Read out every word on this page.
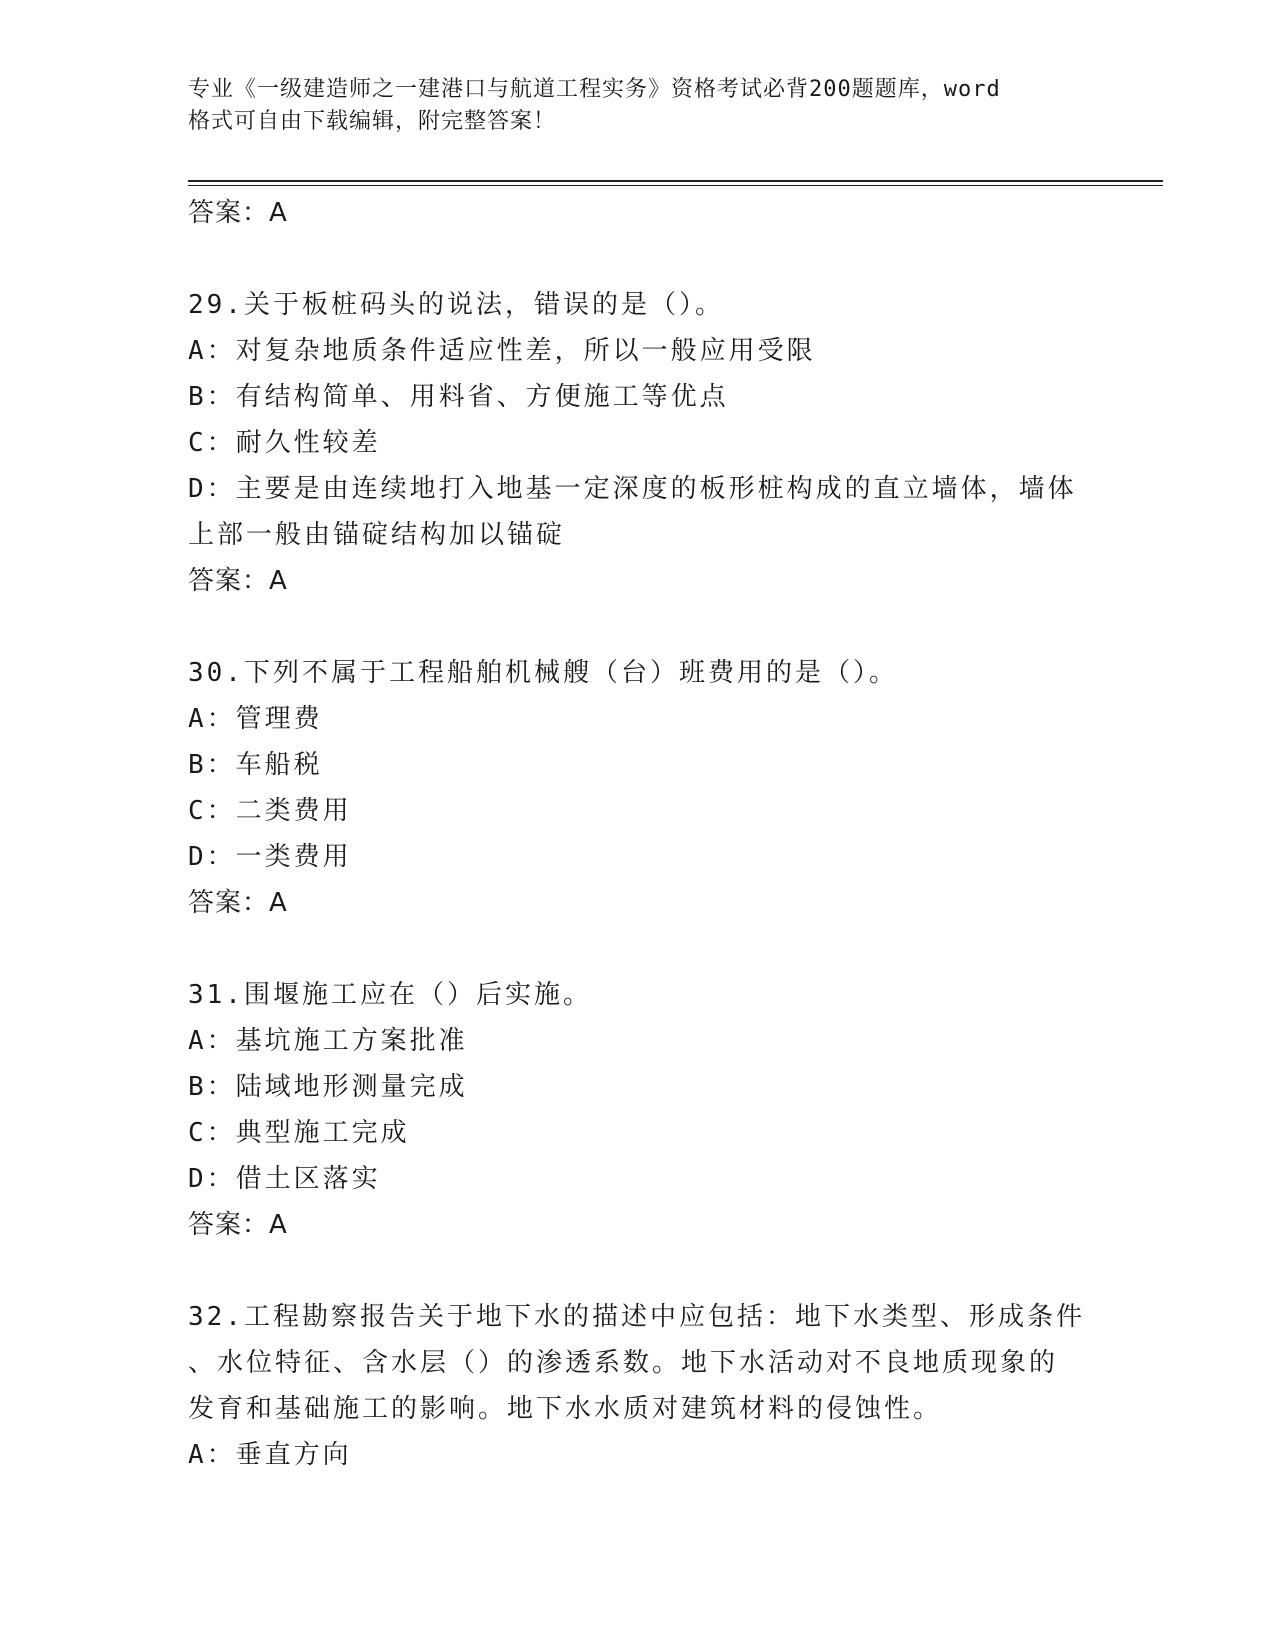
专业《一级建造师之一建港口与航道工程实务》资格考试必背200题题库，word
格式可自由下载编辑，附完整答案！
答案：A
29.关于板桩码头的说法，错误的是（）。
A：对复杂地质条件适应性差，所以一般应用受限
B：有结构简单、用料省、方便施工等优点
C：耐久性较差
D：主要是由连续地打入地基一定深度的板形桩构成的直立墙体，墙体
上部一般由锚碇结构加以锚碇
答案：A
30.下列不属于工程船舶机械艘（台）班费用的是（）。
A：管理费
B：车船税
C：二类费用
D：一类费用
答案：A
31.围堰施工应在（）后实施。
A：基坑施工方案批准
B：陆域地形测量完成
C：典型施工完成
D：借土区落实
答案：A
32.工程勘察报告关于地下水的描述中应包括：地下水类型、形成条件
、水位特征、含水层（）的渗透系数。地下水活动对不良地质现象的
发育和基础施工的影响。地下水水质对建筑材料的侵蚀性。
A：垂直方向
